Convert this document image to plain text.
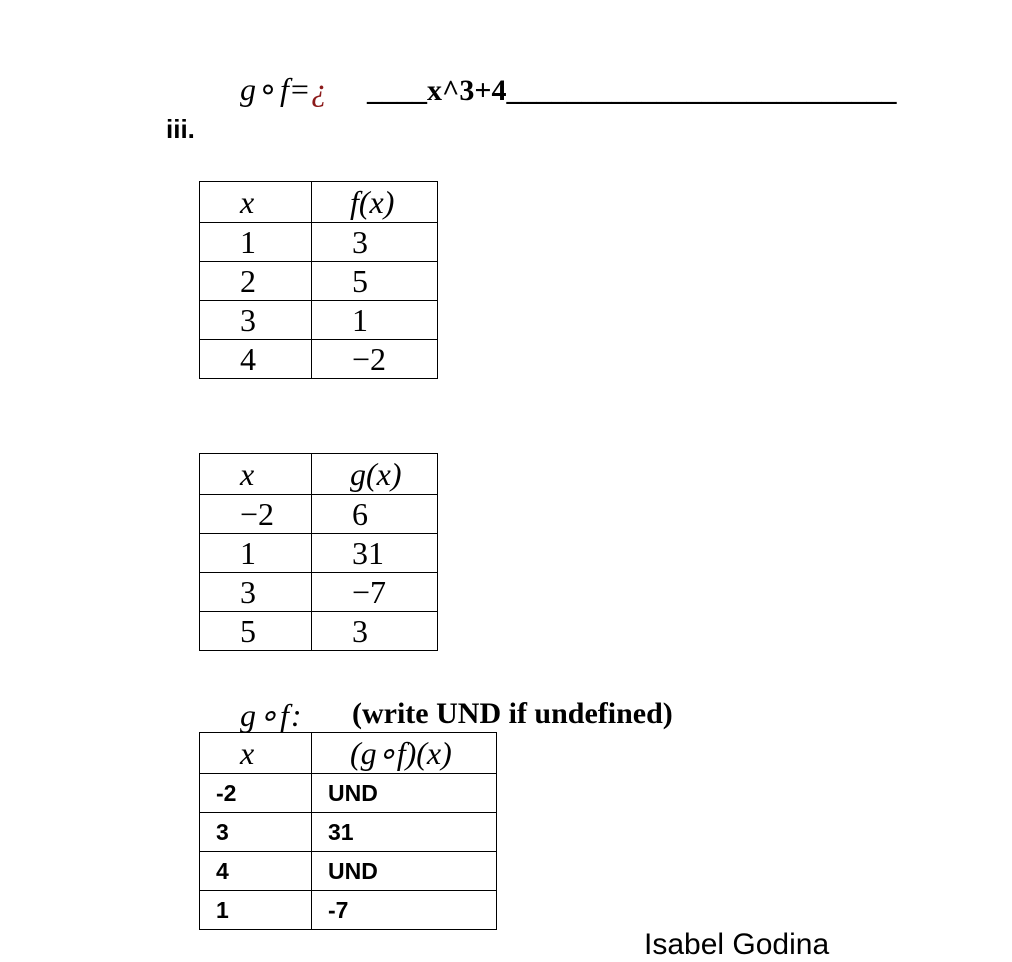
g∘f=¿ ____x^3+4__________________________
iii.
x	f(x)
1	3
2	5
3	1
4	−2
x	g(x)
−2	6
1	31
3	−7
5	3
g∘f: (write UND if undefined)
x	(g∘f)(x)
-2	UND
3	31
4	UND
1	-7
Isabel Godina
